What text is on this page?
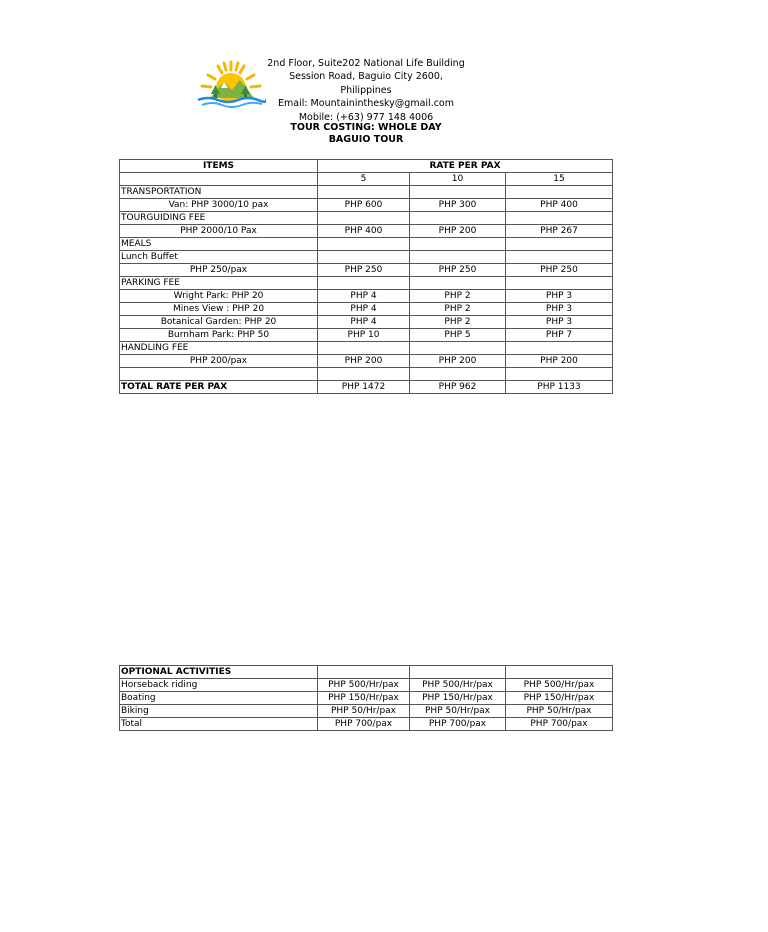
2nd Floor, Suite202 National Life Building
Session Road, Baguio City 2600, Philippines
Email: Mountaininthesky@gmail.com
Mobile: (+63) 977 148 4006
TOUR COSTING: WHOLE DAY
BAGUIO TOUR
ITEMS	RATE PER PAX		
	5	10	15
TRANSPORTATION			
Van: PHP 3000/10 pax	PHP 600	PHP 300	PHP 400
TOURGUIDING FEE			
PHP 2000/10 Pax	PHP 400	PHP 200	PHP 267
MEALS			
Lunch Buffet			
PHP 250/pax	PHP 250	PHP 250	PHP 250
PARKING FEE			
Wright Park: PHP 20	PHP 4	PHP 2	PHP 3
Mines View : PHP 20	PHP 4	PHP 2	PHP 3
Botanical Garden: PHP 20	PHP 4	PHP 2	PHP 3
Burnham Park: PHP 50	PHP 10	PHP 5	PHP 7
HANDLING FEE			
PHP 200/pax	PHP 200	PHP 200	PHP 200

TOTAL RATE PER PAX	PHP 1472	PHP 962	PHP 1133
OPTIONAL ACTIVITIES			
Horseback riding	PHP 500/Hr/pax	PHP 500/Hr/pax	PHP 500/Hr/pax
Boating	PHP 150/Hr/pax	PHP 150/Hr/pax	PHP 150/Hr/pax
Biking	PHP 50/Hr/pax	PHP 50/Hr/pax	PHP 50/Hr/pax
Total	PHP 700/pax	PHP 700/pax	PHP 700/pax
